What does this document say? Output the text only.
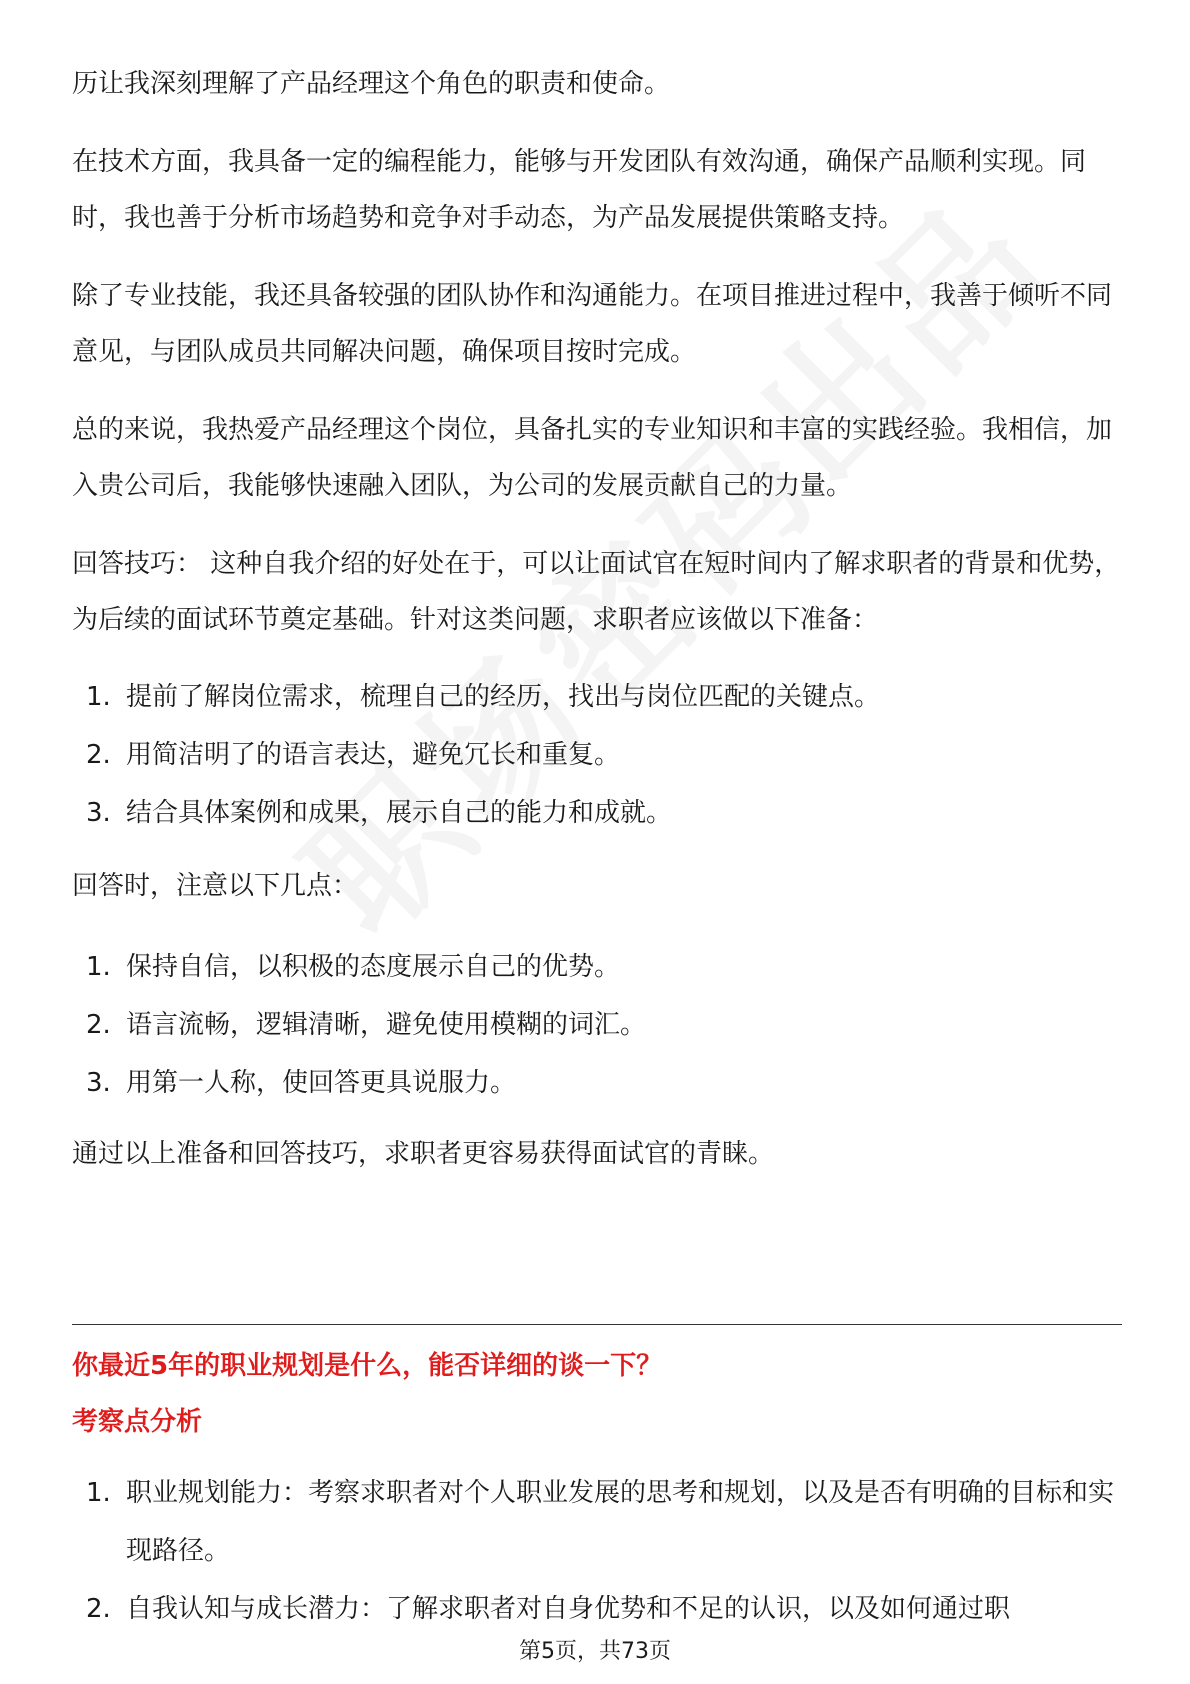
历让我深刻理解了产品经理这个角色的职责和使命。

在技术方面，我具备一定的编程能力，能够与开发团队有效沟通，确保产品顺利实现。同时，我也善于分析市场趋势和竞争对手动态，为产品发展提供策略支持。

除了专业技能，我还具备较强的团队协作和沟通能力。在项目推进过程中，我善于倾听不同意见，与团队成员共同解决问题，确保项目按时完成。

总的来说，我热爱产品经理这个岗位，具备扎实的专业知识和丰富的实践经验。我相信，加入贵公司后，我能够快速融入团队，为公司的发展贡献自己的力量。

回答技巧： 这种自我介绍的好处在于，可以让面试官在短时间内了解求职者的背景和优势，为后续的面试环节奠定基础。针对这类问题，求职者应该做以下准备：

1. 提前了解岗位需求，梳理自己的经历，找出与岗位匹配的关键点。
2. 用简洁明了的语言表达，避免冗长和重复。
3. 结合具体案例和成果，展示自己的能力和成就。

回答时，注意以下几点：

1. 保持自信，以积极的态度展示自己的优势。
2. 语言流畅，逻辑清晰，避免使用模糊的词汇。
3. 用第一人称，使回答更具说服力。

通过以上准备和回答技巧，求职者更容易获得面试官的青睐。

你最近5年的职业规划是什么，能否详细的谈一下？
考察点分析
1. 职业规划能力：考察求职者对个人职业发展的思考和规划，以及是否有明确的目标和实现路径。
2. 自我认知与成长潜力：了解求职者对自身优势和不足的认识，以及如何通过职
第5页，共73页
